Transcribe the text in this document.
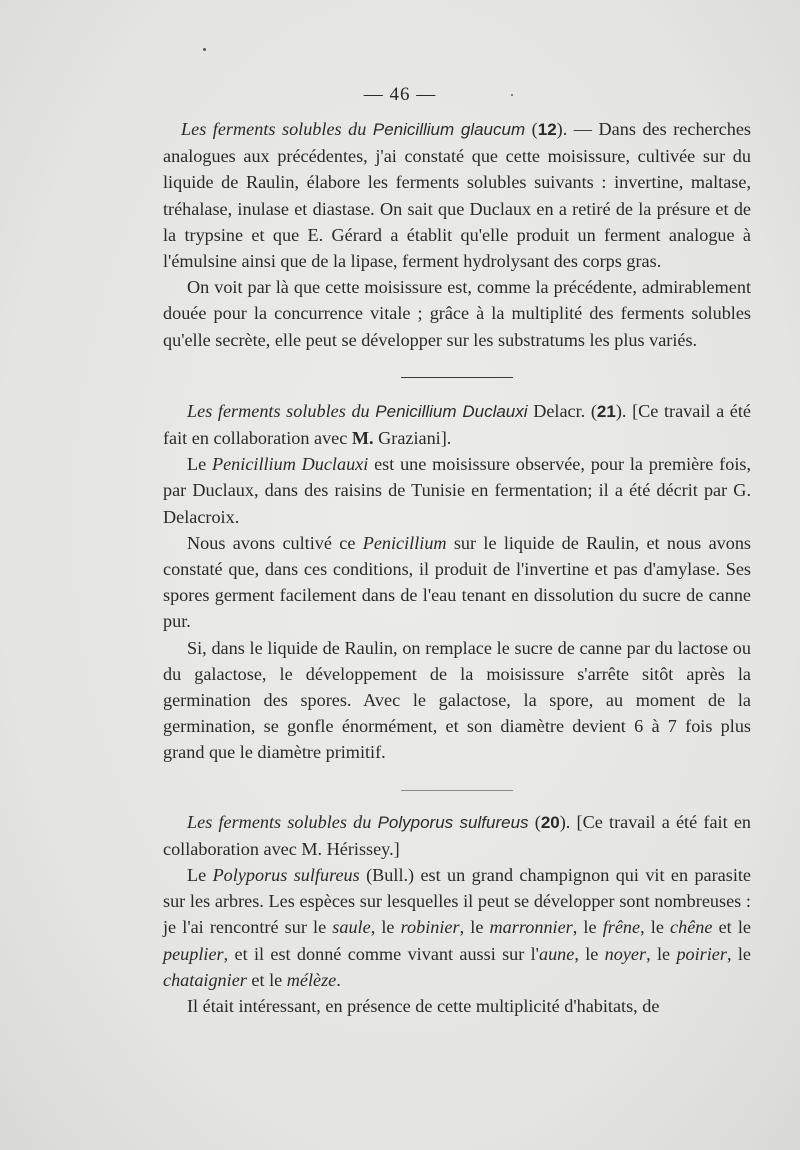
— 46 —

Les ferments solubles du Penicillium glaucum (12). — Dans des recherches analogues aux précédentes, j'ai constaté que cette moisissure, cultivée sur du liquide de Raulin, élabore les ferments solubles suivants : invertine, maltase, tréhalase, inulase et diastase. On sait que Duclaux en a retiré de la présure et de la trypsine et que E. Gérard a établit qu'elle produit un ferment analogue à l'émulsine ainsi que de la lipase, ferment hydrolysant des corps gras.

On voit par là que cette moisissure est, comme la précédente, admirablement douée pour la concurrence vitale ; grâce à la multiplité des ferments solubles qu'elle secrète, elle peut se développer sur les substratums les plus variés.

Les ferments solubles du Penicillium Duclauxi Delacr. (21). [Ce travail a été fait en collaboration avec M. Graziani].

Le Penicillium Duclauxi est une moisissure observée, pour la première fois, par Duclaux, dans des raisins de Tunisie en fermentation; il a été décrit par G. Delacroix.

Nous avons cultivé ce Penicillium sur le liquide de Raulin, et nous avons constaté que, dans ces conditions, il produit de l'invertine et pas d'amylase. Ses spores germent facilement dans de l'eau tenant en dissolution du sucre de canne pur.

Si, dans le liquide de Raulin, on remplace le sucre de canne par du lactose ou du galactose, le développement de la moisissure s'arrête sitôt après la germination des spores. Avec le galactose, la spore, au moment de la germination, se gonfle énormément, et son diamètre devient 6 à 7 fois plus grand que le diamètre primitif.

Les ferments solubles du Polyporus sulfureus (20). [Ce travail a été fait en collaboration avec M. Hérissey.]

Le Polyporus sulfureus (Bull.) est un grand champignon qui vit en parasite sur les arbres. Les espèces sur lesquelles il peut se développer sont nombreuses : je l'ai rencontré sur le saule, le robinier, le marronnier, le frêne, le chêne et le peuplier, et il est donné comme vivant aussi sur l'aune, le noyer, le poirier, le chataignier et le mélèze.

Il était intéressant, en présence de cette multiplicité d'habitats, de
